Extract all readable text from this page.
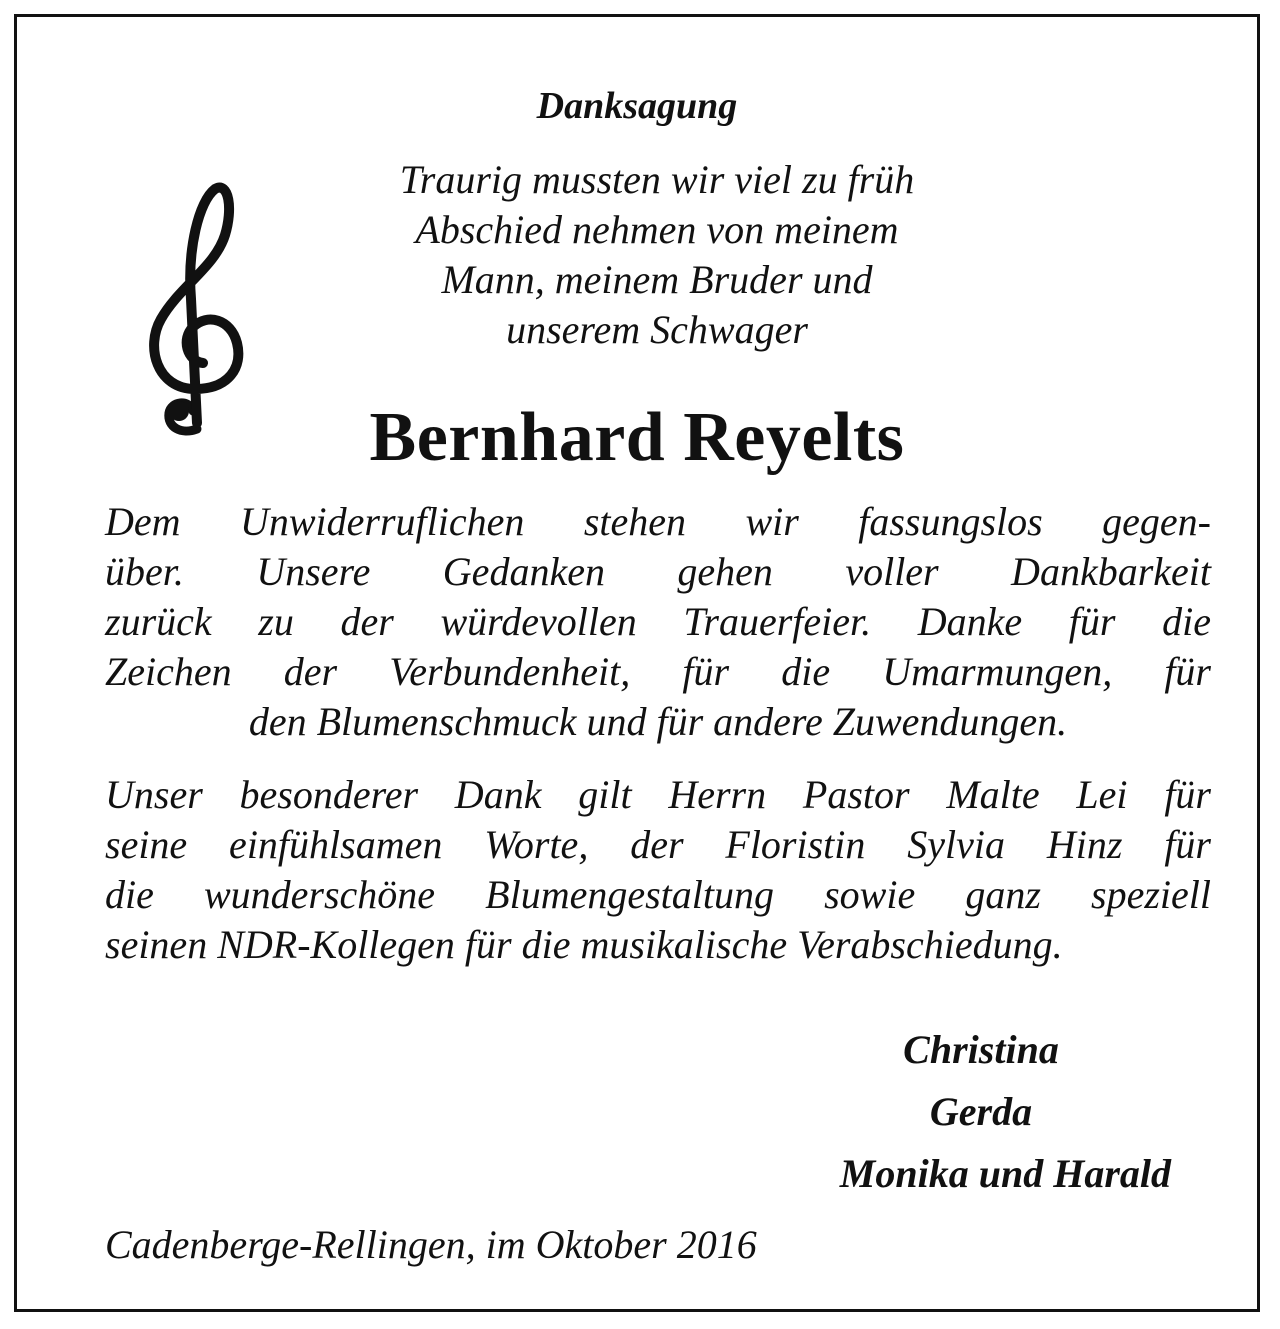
Danksagung
Traurig mussten wir viel zu früh
Abschied nehmen von meinem
Mann, meinem Bruder und
unserem Schwager
Bernhard Reyelts
Dem Unwiderruflichen stehen wir fassungslos gegen-
über. Unsere Gedanken gehen voller Dankbarkeit
zurück zu der würdevollen Trauerfeier. Danke für die
Zeichen der Verbundenheit, für die Umarmungen, für
den Blumenschmuck und für andere Zuwendungen.
Unser besonderer Dank gilt Herrn Pastor Malte Lei für
seine einfühlsamen Worte, der Floristin Sylvia Hinz für
die wunderschöne Blumengestaltung sowie ganz speziell
seinen NDR-Kollegen für die musikalische Verabschiedung.
Christina
Gerda
Monika und Harald
Cadenberge-Rellingen, im Oktober 2016
